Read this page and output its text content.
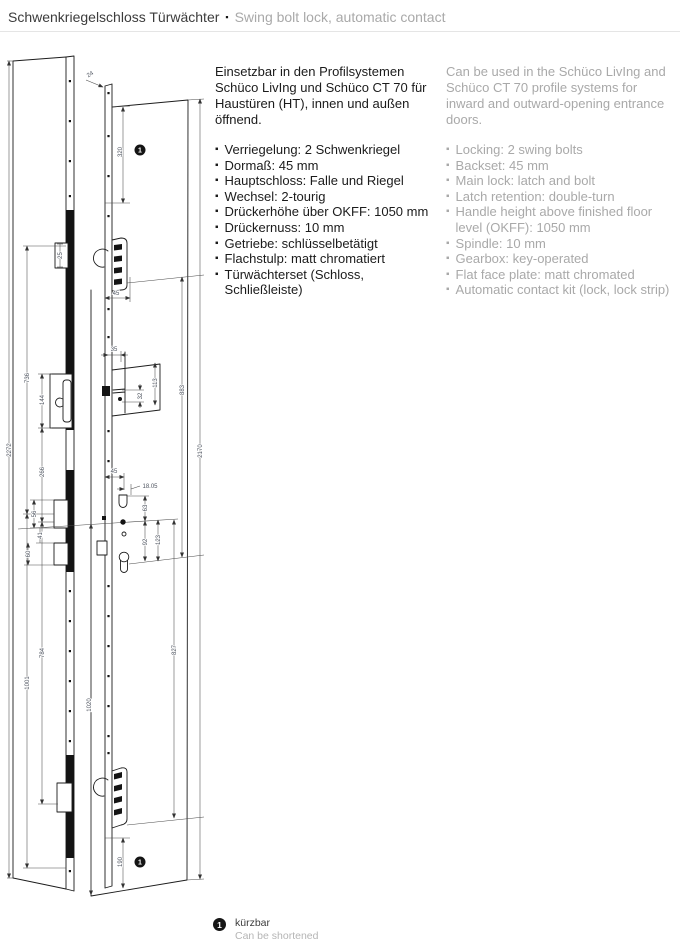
Schwenkriegelschloss Türwächter ▪ Swing bolt lock, automatic contact

Einsetzbar in den Profilsystemen Schüco LivIng und Schüco CT 70 für Haustüren (HT), innen und außen öffnend.

▪ Verriegelung: 2 Schwenkriegel
▪ Dormaß: 45 mm
▪ Hauptschloss: Falle und Riegel
▪ Wechsel: 2-tourig
▪ Drückerhöhe über OKFF: 1050 mm
▪ Drückernuss: 10 mm
▪ Getriebe: schlüsselbetätigt
▪ Flachstulp: matt chromatiert
▪ Türwächterset (Schloss, Schließleiste)

Can be used in the Schüco LivIng and Schüco CT 70 profile systems for inward and outward-opening entrance doors.

▪ Locking: 2 swing bolts
▪ Backset: 45 mm
▪ Main lock: latch and bolt
▪ Latch retention: double-turn
▪ Handle height above finished floor level (OKFF): 1050 mm
▪ Spindle: 10 mm
▪ Gearbox: key-operated
▪ Flat face plate: matt chromated
▪ Automatic contact kit (lock, lock strip)
2272
736
1001
144
266
784
56
41
60
25
24
320 1
45
35
113
32
883
2170
1020
827
63
92 123
45
18.05
190 1
1	kürzbar
Can be shortened
